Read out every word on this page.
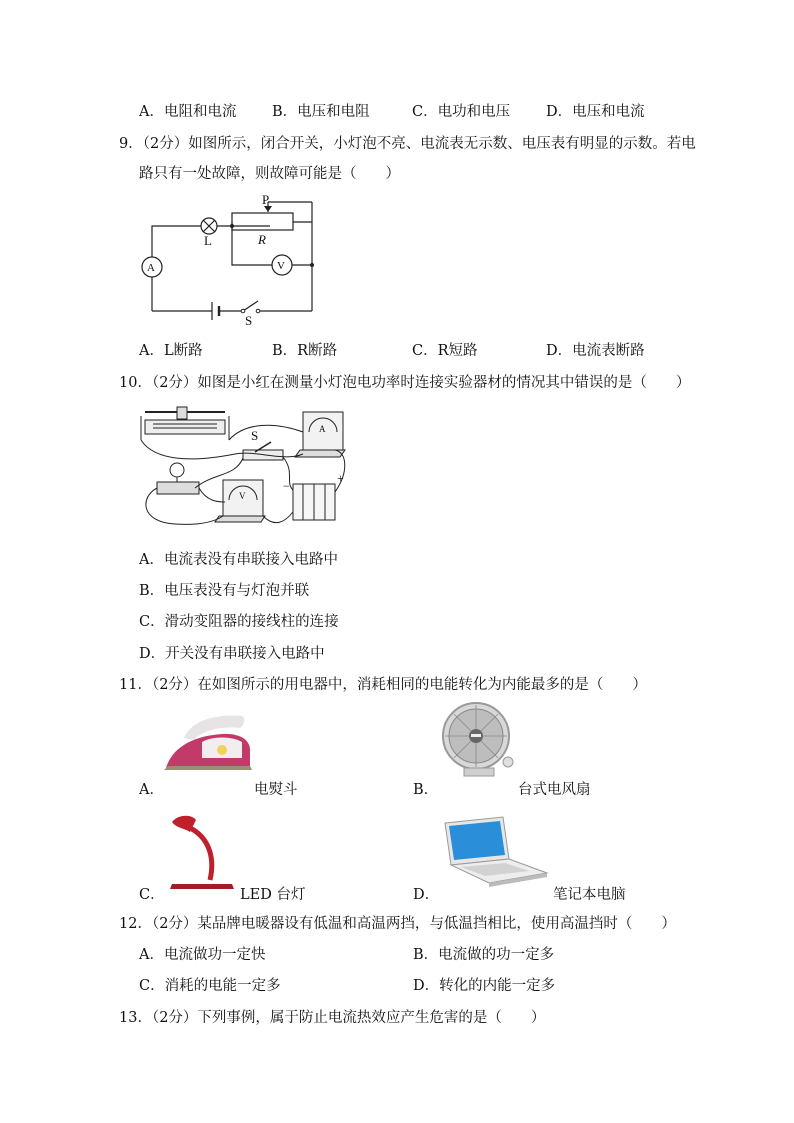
A．电阻和电流 B．电压和电阻	C．电功和电压 D．电压和电流
9．（2分）如图所示，闭合开关，小灯泡不亮、电流表无示数、电压表有明显的示数。若电
路只有一处故障，则故障可能是（　　）
P
L	R
A	V
S
A．L断路	B．R断路	C．R短路	D．电流表断路
10．（2分）如图是小红在测量小灯泡电功率时连接实验器材的情况其中错误的是（　　）
S	A
V
−
+
A．电流表没有串联接入电路中
B．电压表没有与灯泡并联
C．滑动变阻器的接线柱的连接
D．开关没有串联接入电路中
11．（2分）在如图所示的用电器中，消耗相同的电能转化为内能最多的是（　　）
A．	电熨斗	B．	台式电风扇
C．	LED 台灯	D．	笔记本电脑
12．（2分）某品牌电暖器设有低温和高温两挡，与低温挡相比，使用高温挡时（　　）
A．电流做功一定快	B．电流做的功一定多
C．消耗的电能一定多	D．转化的内能一定多
13．（2分）下列事例，属于防止电流热效应产生危害的是（　　）
